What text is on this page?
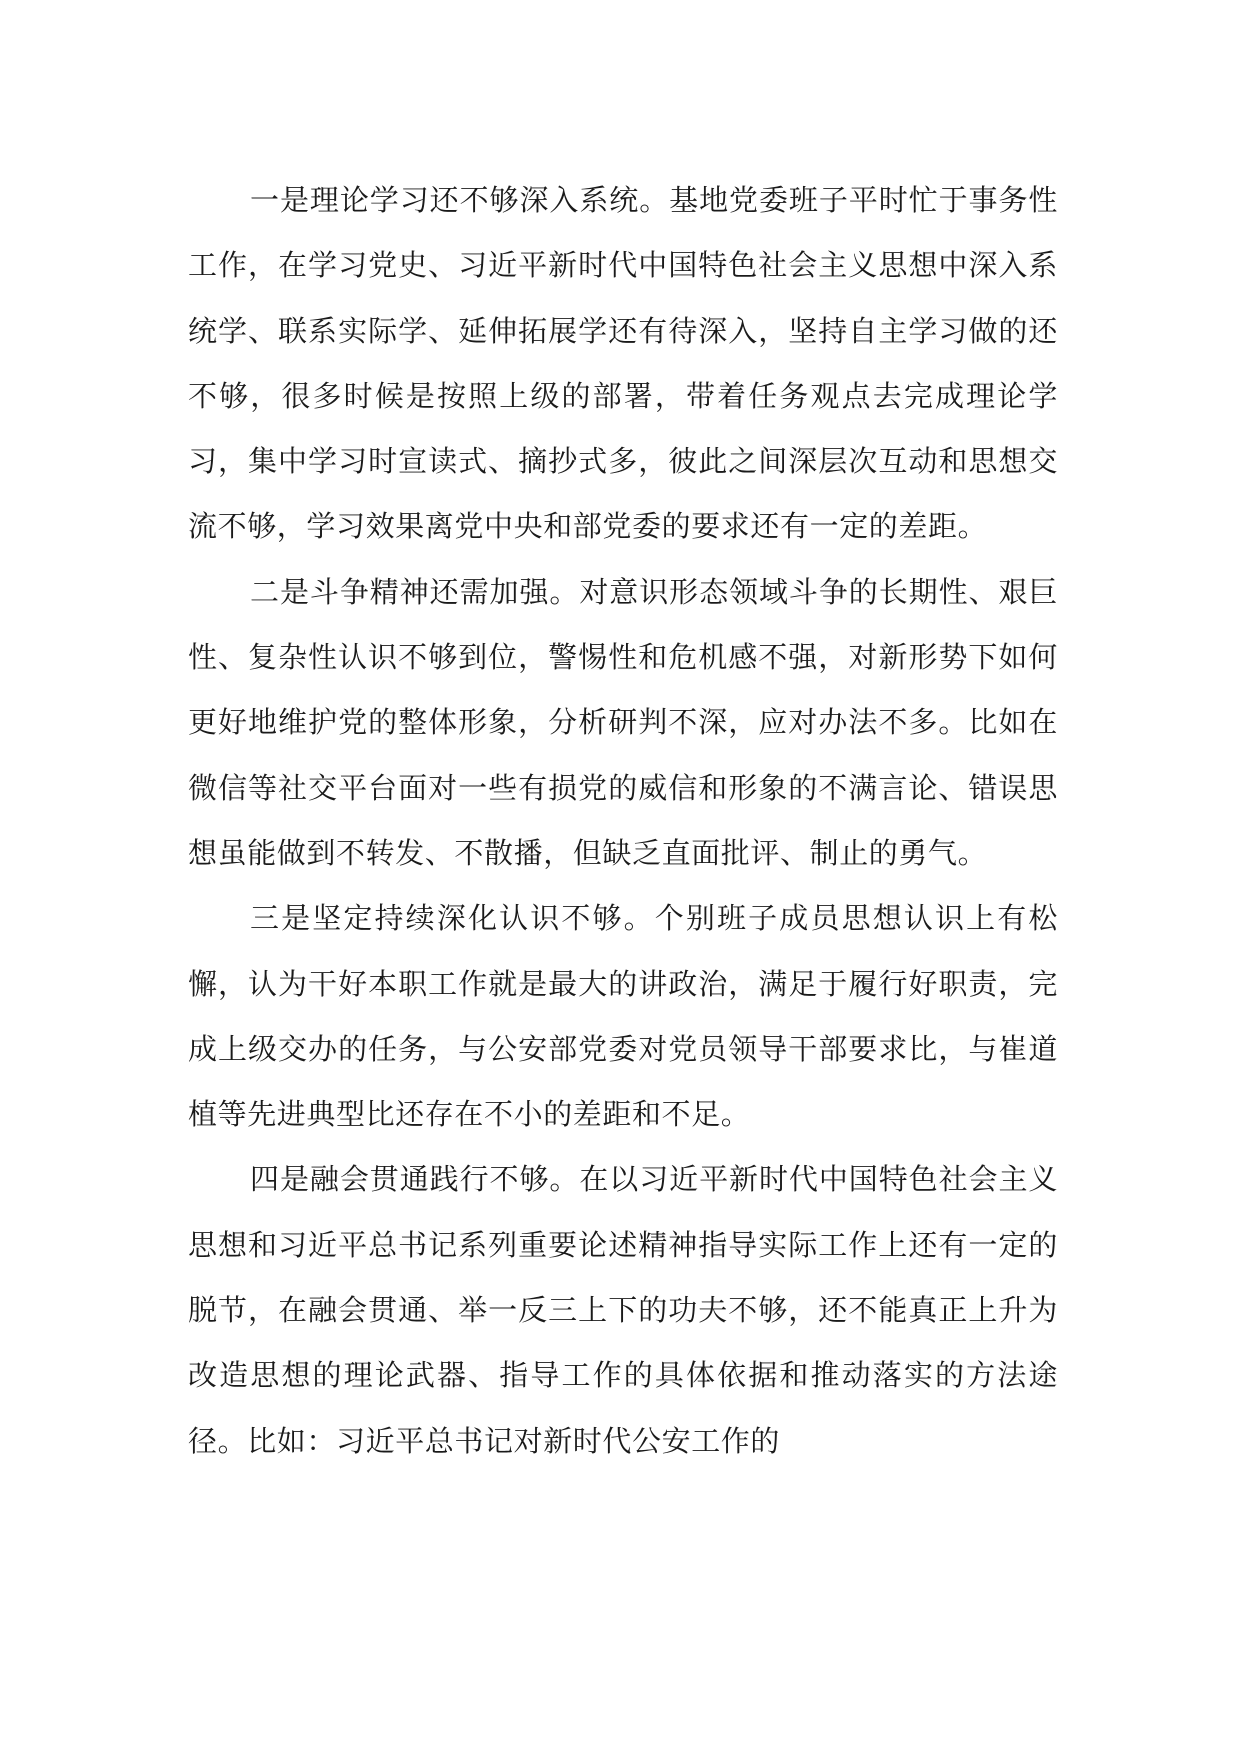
一是理论学习还不够深入系统。基地党委班子平时忙于事务性工作，在学习党史、习近平新时代中国特色社会主义思想中深入系统学、联系实际学、延伸拓展学还有待深入，坚持自主学习做的还不够，很多时候是按照上级的部署，带着任务观点去完成理论学习，集中学习时宣读式、摘抄式多，彼此之间深层次互动和思想交流不够，学习效果离党中央和部党委的要求还有一定的差距。

二是斗争精神还需加强。对意识形态领域斗争的长期性、艰巨性、复杂性认识不够到位，警惕性和危机感不强，对新形势下如何更好地维护党的整体形象，分析研判不深，应对办法不多。比如在微信等社交平台面对一些有损党的威信和形象的不满言论、错误思想虽能做到不转发、不散播，但缺乏直面批评、制止的勇气。

三是坚定持续深化认识不够。个别班子成员思想认识上有松懈，认为干好本职工作就是最大的讲政治，满足于履行好职责，完成上级交办的任务，与公安部党委对党员领导干部要求比，与崔道植等先进典型比还存在不小的差距和不足。

四是融会贯通践行不够。在以习近平新时代中国特色社会主义思想和习近平总书记系列重要论述精神指导实际工作上还有一定的脱节，在融会贯通、举一反三上下的功夫不够，还不能真正上升为改造思想的理论武器、指导工作的具体依据和推动落实的方法途径。比如：习近平总书记对新时代公安工作的
